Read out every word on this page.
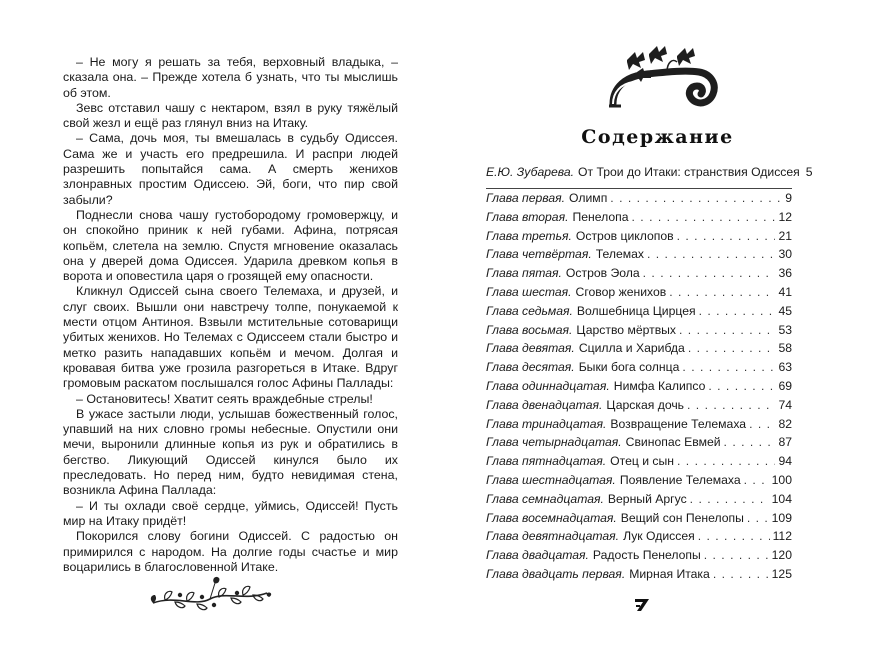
– Не могу я решать за тебя, верховный владыка, – сказала она. – Прежде хотела б узнать, что ты мыслишь об этом.

Зевс отставил чашу с нектаром, взял в руку тяжёлый свой жезл и ещё раз глянул вниз на Итаку.

– Сама, дочь моя, ты вмешалась в судьбу Одиссея. Сама же и участь его предрешила. И раcпри людей разрешить попытайся сама. А смерть женихов злонравных простим Одиссею. Эй, боги, что пир свой забыли?

Поднесли снова чашу густобородому громовержцу, и он спокойно приник к ней губами. Афина, потрясая копьём, слетела на землю. Спустя мгновение оказалась она у дверей дома Одиссея. Ударила древком копья в ворота и оповестила царя о грозящей ему опасности.

Кликнул Одиссей сына своего Телемаха, и друзей, и слуг своих. Вышли они навстречу толпе, понукаемой к мести отцом Антиноя. Взвыли мстительные сотоварищи убитых женихов. Но Телемах с Одиссеем стали быстро и метко разить нападавших копьём и мечом. Долгая и кровавая битва уже грозила разгореться в Итаке. Вдруг громовым раскатом послышался голос Афины Паллады:

– Остановитесь! Хватит сеять враждебные стрелы!

В ужасе застыли люди, услышав божественный голос, упавший на них словно громы небесные. Опустили они мечи, выронили длинные копья из рук и обратились в бегство. Ликующий Одиссей кинулся было их преследовать. Но перед ним, будто невидимая стена, возникла Афина Паллада:

– И ты охлади своё сердце, уймись, Одиссей! Пусть мир на Итаку придёт!

Покорился слову богини Одиссей. С радостью он примирился с народом. На долгие годы счастье и мир воцарились в благословенной Итаке.

Содержание
Е.Ю. Зубарева. От Трои до Итаки: странствия Одиссея 5
Глава первая. Олимп . . .	9
Глава вторая. Пенелопа . . .	12
Глава третья. Остров циклопов . . .	21
Глава четвёртая. Телемах . . .	30
Глава пятая. Остров Эола . . .	36
Глава шестая. Сговор женихов . . .	41
Глава седьмая. Волшебница Цирцея . . .	45
Глава восьмая. Царство мёртвых . . .	53
Глава девятая. Сцилла и Харибда . . .	58
Глава десятая. Быки бога солнца . . .	63
Глава одиннадцатая. Нимфа Калипсо . . .	69
Глава двенадцатая. Царская дочь . . .	74
Глава тринадцатая. Возвращение Телемаха . . .	82
Глава четырнадцатая. Свинопас Евмей . . .	87
Глава пятнадцатая. Отец и сын . . .	94
Глава шестнадцатая. Появление Телемаха . . .	100
Глава семнадцатая. Верный Аргус . . .	104
Глава восемнадцатая. Вещий сон Пенелопы . . . 109
Глава девятнадцатая. Лук Одиссея . . .	112
Глава двадцатая. Радость Пенелопы . . .	120
Глава двадцать первая. Мирная Итака . . .	125
